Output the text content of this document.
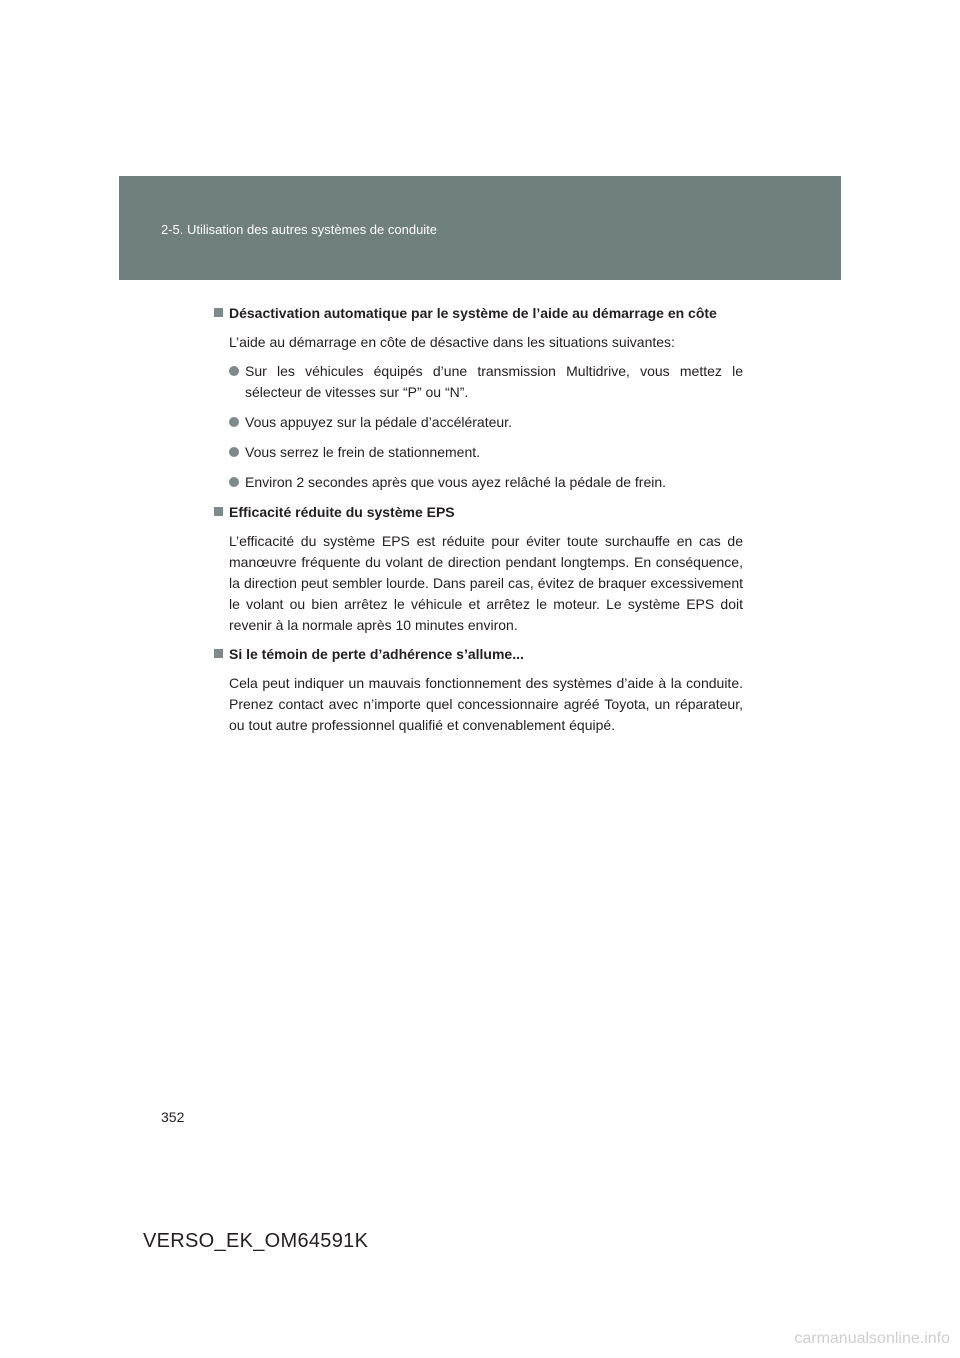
2-5. Utilisation des autres systèmes de conduite
Désactivation automatique par le système de l’aide au démarrage en côte

L’aide au démarrage en côte de désactive dans les situations suivantes:

Sur les véhicules équipés d’une transmission Multidrive, vous mettez le sélecteur de vitesses sur “P” ou “N”.
Vous appuyez sur la pédale d’accélérateur.
Vous serrez le frein de stationnement.
Environ 2 secondes après que vous ayez relâché la pédale de frein.
Efficacité réduite du système EPS

L’efficacité du système EPS est réduite pour éviter toute surchauffe en cas de manœuvre fréquente du volant de direction pendant longtemps. En conséquence, la direction peut sembler lourde. Dans pareil cas, évitez de braquer excessivement le volant ou bien arrêtez le véhicule et arrêtez le moteur. Le système EPS doit revenir à la normale après 10 minutes environ.

Si le témoin de perte d’adhérence s’allume...

Cela peut indiquer un mauvais fonctionnement des systèmes d’aide à la conduite. Prenez contact avec n’importe quel concessionnaire agréé Toyota, un réparateur, ou tout autre professionnel qualifié et convenablement équipé.

352
VERSO_EK_OM64591K
carmanualsonline.info
